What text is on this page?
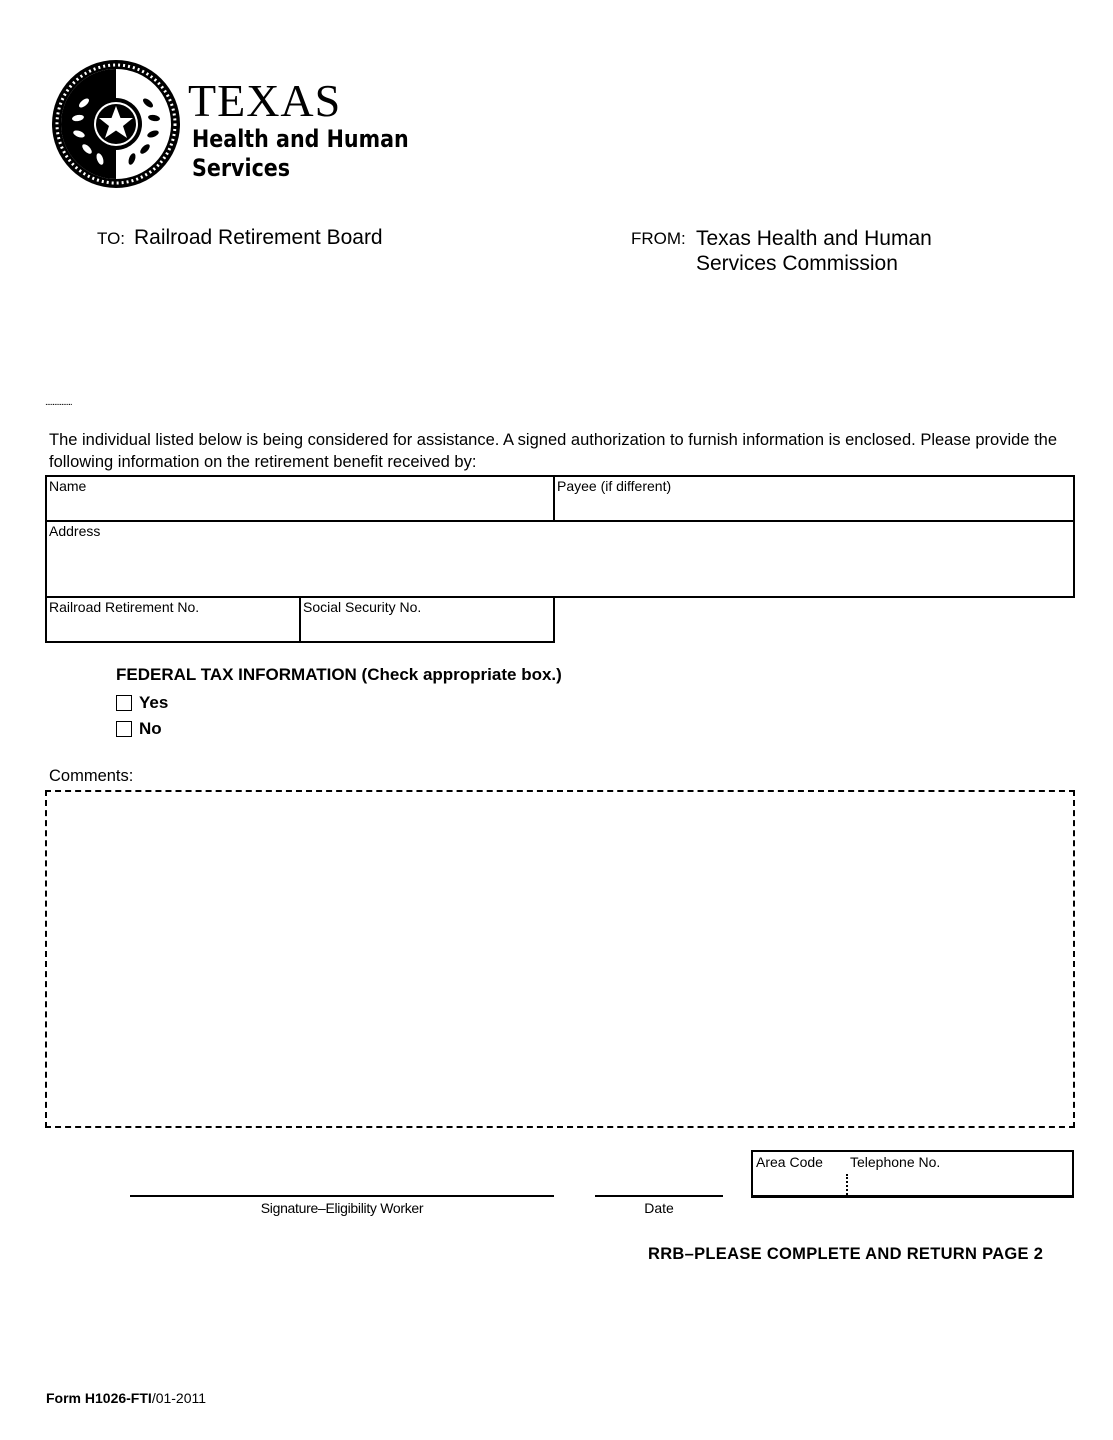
TEXAS
Health and Human
Services
TO: Railroad Retirement Board	FROM: Texas Health and Human
Services Commission
...............
The individual listed below is being considered for assistance. A signed authorization to furnish information is enclosed. Please provide the following information on the retirement benefit received by:
Name	Payee (if different)
Address
Railroad Retirement No.	Social Security No.
FEDERAL TAX INFORMATION (Check appropriate box.)
Yes
No
Comments:
Area Code Telephone No.
Signature–Eligibility Worker	Date
RRB–PLEASE COMPLETE AND RETURN PAGE 2
Form H1026-FTI/01-2011
